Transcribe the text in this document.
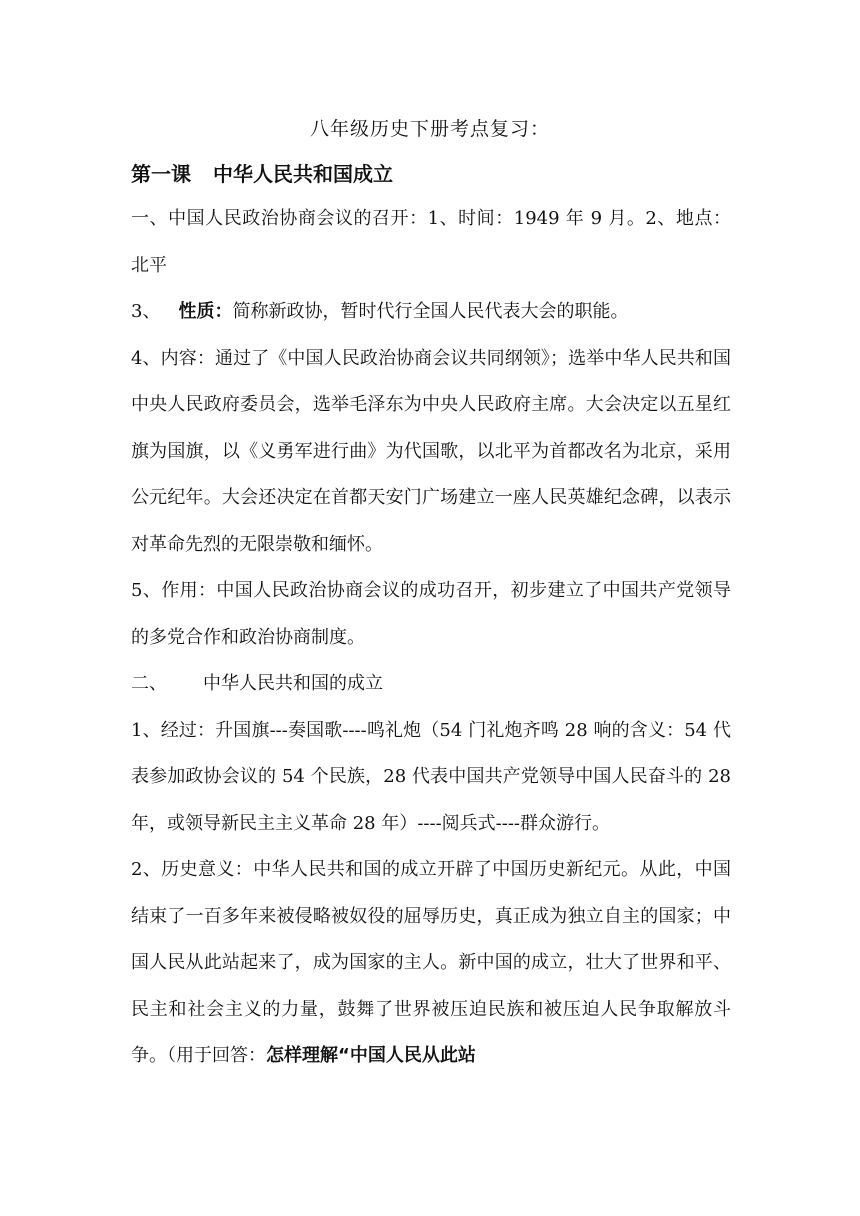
八年级历史下册考点复习：
第一课 中华人民共和国成立

一、中国人民政治协商会议的召开：1、时间：1949 年 9 月。2、地点：北平

3、 性质：简称新政协，暂时代行全国人民代表大会的职能。

4、内容：通过了《中国人民政治协商会议共同纲领》；选举中华人民共和国中央人民政府委员会，选举毛泽东为中央人民政府主席。大会决定以五星红旗为国旗，以《义勇军进行曲》为代国歌，以北平为首都改名为北京，采用公元纪年。大会还决定在首都天安门广场建立一座人民英雄纪念碑，以表示对革命先烈的无限崇敬和缅怀。

5、作用：中国人民政治协商会议的成功召开，初步建立了中国共产党领导的多党合作和政治协商制度。

二、 中华人民共和国的成立

1、经过：升国旗---奏国歌----鸣礼炮（54 门礼炮齐鸣 28 响的含义：54 代表参加政协会议的 54 个民族，28 代表中国共产党领导中国人民奋斗的 28 年，或领导新民主主义革命 28 年）----阅兵式----群众游行。

2、历史意义：中华人民共和国的成立开辟了中国历史新纪元。从此，中国结束了一百多年来被侵略被奴役的屈辱历史，真正成为独立自主的国家；中国人民从此站起来了，成为国家的主人。新中国的成立，壮大了世界和平、民主和社会主义的力量，鼓舞了世界被压迫民族和被压迫人民争取解放斗争。（用于回答：怎样理解“中国人民从此站
